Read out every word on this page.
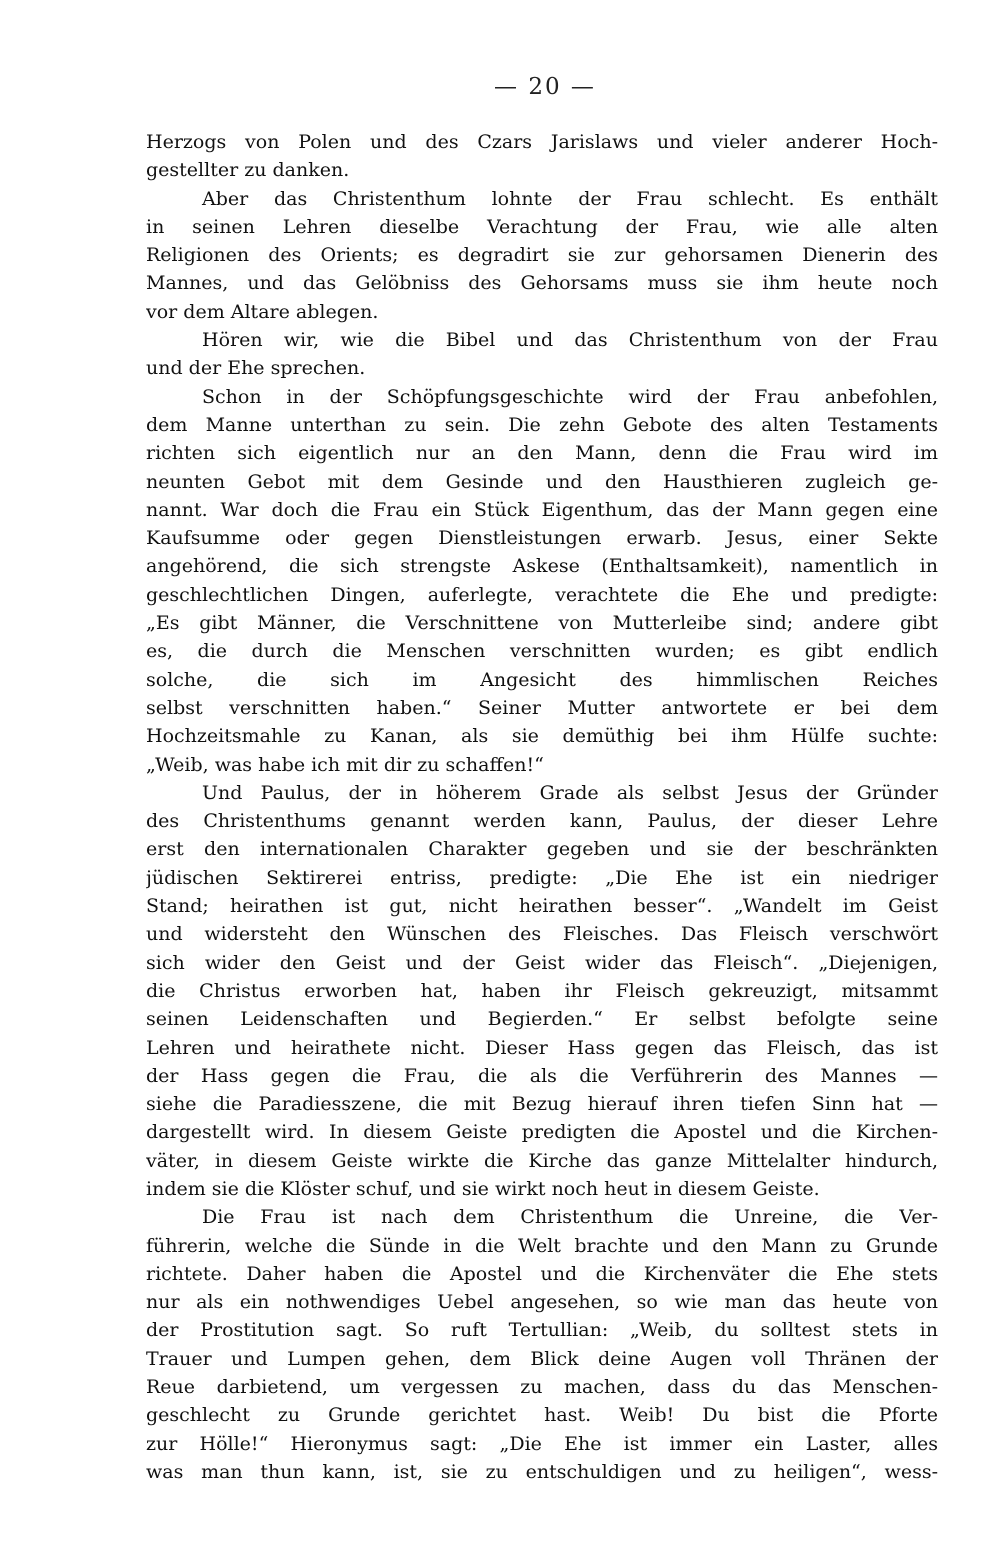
— 20 —
Herzogs von Polen und des Czars Jarislaws und vieler anderer Hoch-
gestellter zu danken.
Aber das Christenthum lohnte der Frau schlecht. Es enthält
in seinen Lehren dieselbe Verachtung der Frau, wie alle alten
Religionen des Orients; es degradirt sie zur gehorsamen Dienerin des
Mannes, und das Gelöbniss des Gehorsams muss sie ihm heute noch
vor dem Altare ablegen.
Hören wir, wie die Bibel und das Christenthum von der Frau
und der Ehe sprechen.
Schon in der Schöpfungsgeschichte wird der Frau anbefohlen,
dem Manne unterthan zu sein. Die zehn Gebote des alten Testaments
richten sich eigentlich nur an den Mann, denn die Frau wird im
neunten Gebot mit dem Gesinde und den Hausthieren zugleich ge-
nannt. War doch die Frau ein Stück Eigenthum, das der Mann gegen eine
Kaufsumme oder gegen Dienstleistungen erwarb. Jesus, einer Sekte
angehörend, die sich strengste Askese (Enthaltsamkeit), namentlich in
geschlechtlichen Dingen, auferlegte, verachtete die Ehe und predigte:
„Es gibt Männer, die Verschnittene von Mutterleibe sind; andere gibt
es, die durch die Menschen verschnitten wurden; es gibt endlich
solche, die sich im Angesicht des himmlischen Reiches
selbst verschnitten haben.“ Seiner Mutter antwortete er bei dem
Hochzeitsmahle zu Kanan, als sie demüthig bei ihm Hülfe suchte:
„Weib, was habe ich mit dir zu schaffen!“
Und Paulus, der in höherem Grade als selbst Jesus der Gründer
des Christenthums genannt werden kann, Paulus, der dieser Lehre
erst den internationalen Charakter gegeben und sie der beschränkten
jüdischen Sektirerei entriss, predigte: „Die Ehe ist ein niedriger
Stand; heirathen ist gut, nicht heirathen besser“. „Wandelt im Geist
und widersteht den Wünschen des Fleisches. Das Fleisch verschwört
sich wider den Geist und der Geist wider das Fleisch“. „Diejenigen,
die Christus erworben hat, haben ihr Fleisch gekreuzigt, mitsammt
seinen Leidenschaften und Begierden.“ Er selbst befolgte seine
Lehren und heirathete nicht. Dieser Hass gegen das Fleisch, das ist
der Hass gegen die Frau, die als die Verführerin des Mannes —
siehe die Paradiesszene, die mit Bezug hierauf ihren tiefen Sinn hat —
dargestellt wird. In diesem Geiste predigten die Apostel und die Kirchen-
väter, in diesem Geiste wirkte die Kirche das ganze Mittelalter hindurch,
indem sie die Klöster schuf, und sie wirkt noch heut in diesem Geiste.
Die Frau ist nach dem Christenthum die Unreine, die Ver-
führerin, welche die Sünde in die Welt brachte und den Mann zu Grunde
richtete. Daher haben die Apostel und die Kirchenväter die Ehe stets
nur als ein nothwendiges Uebel angesehen, so wie man das heute von
der Prostitution sagt. So ruft Tertullian: „Weib, du solltest stets in
Trauer und Lumpen gehen, dem Blick deine Augen voll Thränen der
Reue darbietend, um vergessen zu machen, dass du das Menschen-
geschlecht zu Grunde gerichtet hast. Weib! Du bist die Pforte
zur Hölle!“ Hieronymus sagt: „Die Ehe ist immer ein Laster, alles
was man thun kann, ist, sie zu entschuldigen und zu heiligen“, wess-
